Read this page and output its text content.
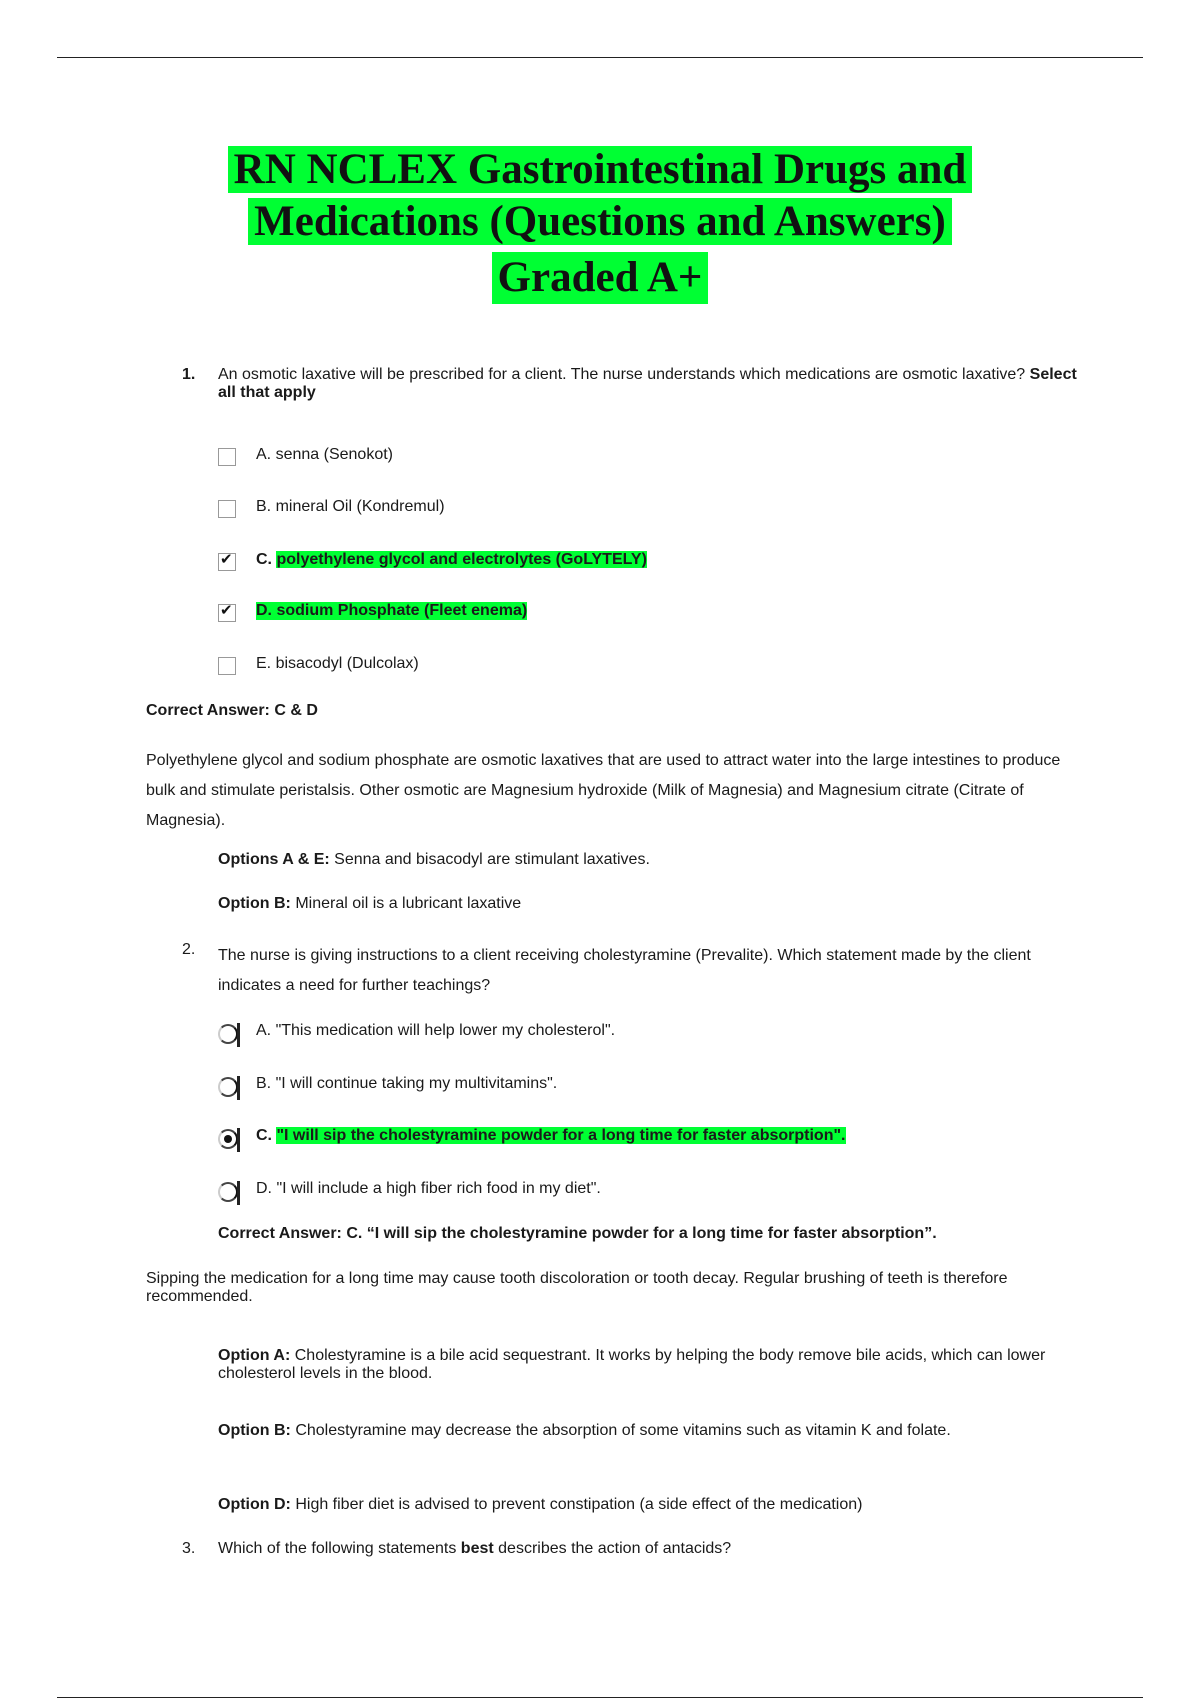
RN NCLEX Gastrointestinal Drugs and
Medications (Questions and Answers)
Graded A+
1.	An osmotic laxative will be prescribed for a client. The nurse understands which medications are osmotic laxative? Select all that apply
A. senna (Senokot)
B. mineral Oil (Kondremul)
✔
C. polyethylene glycol and electrolytes (GoLYTELY)
✔
D. sodium Phosphate (Fleet enema)
E. bisacodyl (Dulcolax)
Correct Answer: C & D
Polyethylene glycol and sodium phosphate are osmotic laxatives that are used to attract water into the large intestines to produce bulk and stimulate peristalsis. Other osmotic are Magnesium hydroxide (Milk of Magnesia) and Magnesium citrate (Citrate of Magnesia).
Options A & E: Senna and bisacodyl are stimulant laxatives.
Option B: Mineral oil is a lubricant laxative
2.	The nurse is giving instructions to a client receiving cholestyramine (Prevalite). Which statement made by the client indicates a need for further teachings?
A. "This medication will help lower my cholesterol".
B. "I will continue taking my multivitamins".
C. "I will sip the cholestyramine powder for a long time for faster absorption".
D. "I will include a high fiber rich food in my diet".
Correct Answer: C. “I will sip the cholestyramine powder for a long time for faster absorption”.
Sipping the medication for a long time may cause tooth discoloration or tooth decay. Regular brushing of teeth is therefore recommended.
Option A: Cholestyramine is a bile acid sequestrant. It works by helping the body remove bile acids, which can lower cholesterol levels in the blood.
Option B: Cholestyramine may decrease the absorption of some vitamins such as vitamin K and folate.
Option D: High fiber diet is advised to prevent constipation (a side effect of the medication)
3.	Which of the following statements best describes the action of antacids?
